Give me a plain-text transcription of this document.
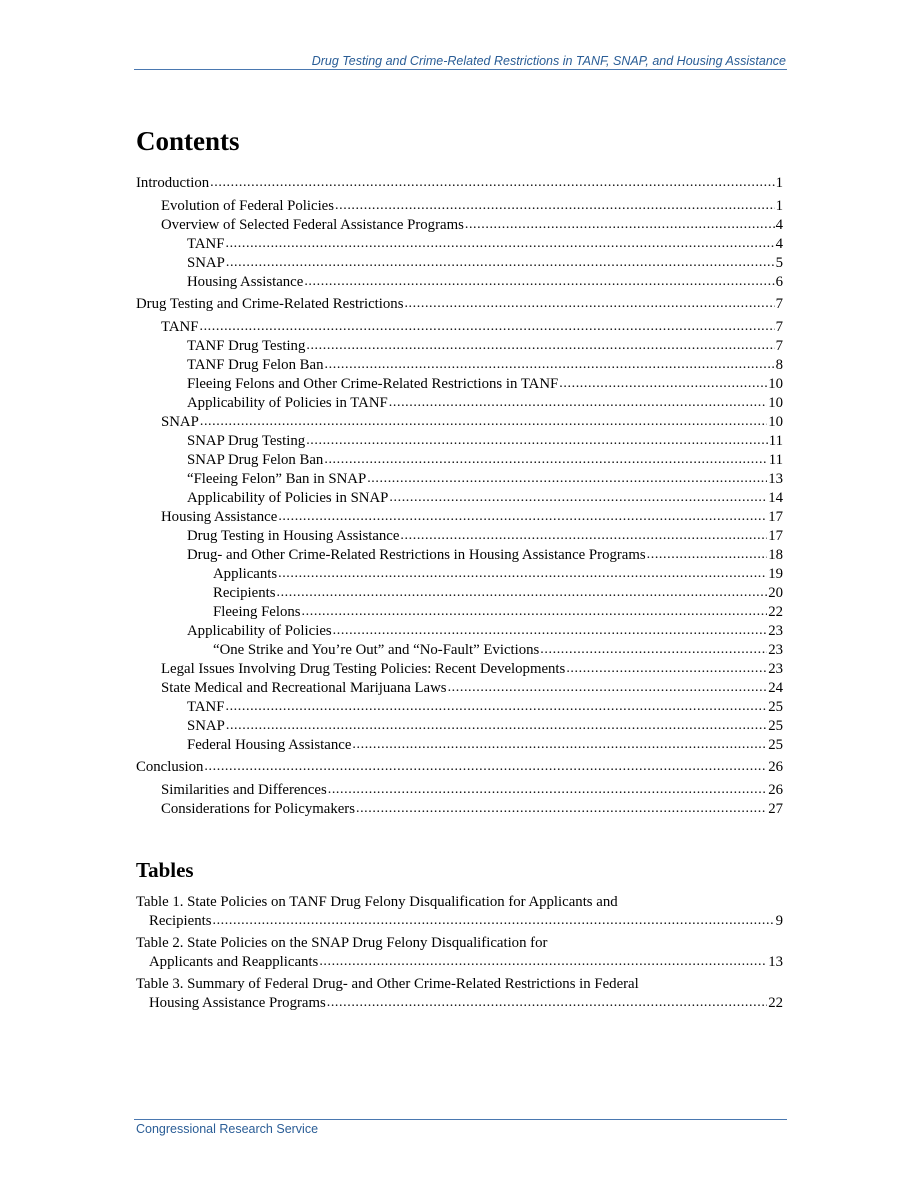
Drug Testing and Crime-Related Restrictions in TANF, SNAP, and Housing Assistance
Contents
Introduction .....	1
Evolution of Federal Policies .....	1
Overview of Selected Federal Assistance Programs .....	4
TANF .....	4
SNAP .....	5
Housing Assistance .....	6
Drug Testing and Crime-Related Restrictions .....	7
TANF .....	7
TANF Drug Testing .....	7
TANF Drug Felon Ban .....	8
Fleeing Felons and Other Crime-Related Restrictions in TANF .....	10
Applicability of Policies in TANF .....	10
SNAP .....	10
SNAP Drug Testing .....	11
SNAP Drug Felon Ban .....	11
“Fleeing Felon” Ban in SNAP .....	13
Applicability of Policies in SNAP .....	14
Housing Assistance .....	17
Drug Testing in Housing Assistance .....	17
Drug- and Other Crime-Related Restrictions in Housing Assistance Programs .....	18
Applicants .....	19
Recipients .....	20
Fleeing Felons .....	22
Applicability of Policies .....	23
“One Strike and You’re Out” and “No-Fault” Evictions .....	23
Legal Issues Involving Drug Testing Policies: Recent Developments .....	23
State Medical and Recreational Marijuana Laws .....	24
TANF .....	25
SNAP .....	25
Federal Housing Assistance .....	25
Conclusion .....	26
Similarities and Differences .....	26
Considerations for Policymakers .....	27
Tables
Table 1. State Policies on TANF Drug Felony Disqualification for Applicants and
Recipients .....	9
Table 2. State Policies on the SNAP Drug Felony Disqualification for
Applicants and Reapplicants .....	13
Table 3. Summary of Federal Drug- and Other Crime-Related Restrictions in Federal
Housing Assistance Programs .....	22
Congressional Research Service
